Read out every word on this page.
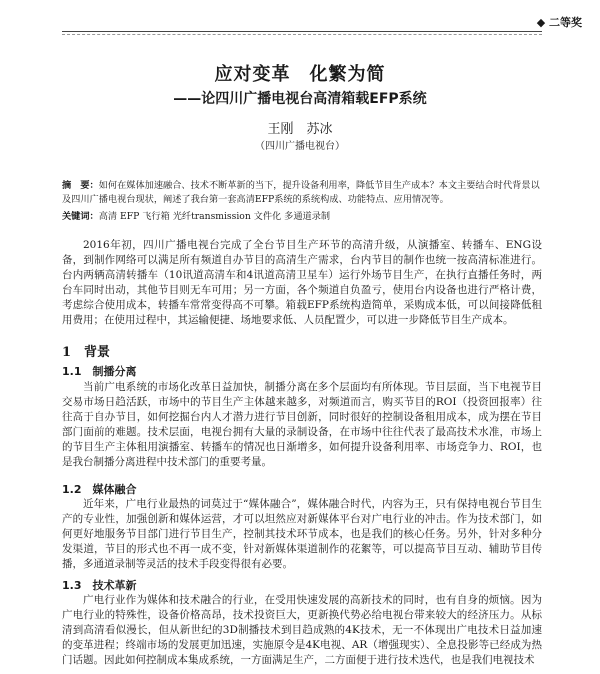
◆ 二等奖
应对变革　化繁为简
——论四川广播电视台高清箱载EFP系统
王刚　苏冰
（四川广播电视台）
摘　要：如何在媒体加速融合、技术不断革新的当下，提升设备利用率，降低节目生产成本？本文主要结合时代背景以及四川广播电视台现状，阐述了我台第一套高清EFP系统的系统构成、功能特点、应用情况等。
关键词：高清 EFP 飞行箱 光纤transmission 文件化 多通道录制

2016年初，四川广播电视台完成了全台节目生产环节的高清升级，从演播室、转播车、ENG设备，到制作网络可以满足所有频道自办节目的高清生产需求，台内节目的制作也统一按高清标准进行。台内两辆高清转播车（10讯道高清车和4讯道高清卫星车）运行外场节目生产，在执行直播任务时，两台车同时出动，其他节目则无车可用；另一方面，各个频道自负盈亏，使用台内设备也进行严格计费，考虑综合使用成本，转播车常常变得高不可攀。箱载EFP系统构造简单，采购成本低，可以间接降低租用费用；在使用过程中，其运输便捷、场地要求低、人员配置少，可以进一步降低节目生产成本。

1　背景
1.1　制播分离

当前广电系统的市场化改革日益加快，制播分离在多个层面均有所体现。节目层面，当下电视节目交易市场日趋活跃，市场中的节目生产主体越来越多，对频道而言，购买节目的ROI（投资回报率）往往高于自办节目，如何挖掘台内人才潜力进行节目创新，同时很好的控制设备租用成本，成为摆在节目部门面前的难题。技术层面，电视台拥有大量的录制设备，在市场中往往代表了最高技术水准，市场上的节目生产主体租用演播室、转播车的情况也日渐增多，如何提升设备利用率、市场竞争力、ROI，也是我台制播分离进程中技术部门的重要考量。

1.2　媒体融合

近年来，广电行业最热的词莫过于“媒体融合”，媒体融合时代，内容为王，只有保持电视台节目生产的专业性，加强创新和媒体运营，才可以坦然应对新媒体平台对广电行业的冲击。作为技术部门，如何更好地服务节目部门进行节目生产，控制其技术环节成本，也是我们的核心任务。另外，针对多种分发渠道，节目的形式也不再一成不变，针对新媒体渠道制作的花絮等，可以提高节目互动、辅助节目传播，多通道录制等灵活的技术手段变得很有必要。

1.3　技术革新

广电行业作为媒体和技术融合的行业，在受用快速发展的高新技术的同时，也有自身的烦恼。因为广电行业的特殊性，设备价格高昂，技术投资巨大，更新换代势必给电视台带来较大的经济压力。从标清到高清看似漫长，但从新世纪的3D制播技术到目趋成熟的4K技术，无一不体现出广电技术日益加速的变革进程；终端市场的发展更加迅速，实施原令是4K电视、AR（增强现实）、全息投影等已经成为热门话题。因此如何控制成本集成系统，一方面满足生产，二方面便于进行技术迭代，也是我们电视技术
